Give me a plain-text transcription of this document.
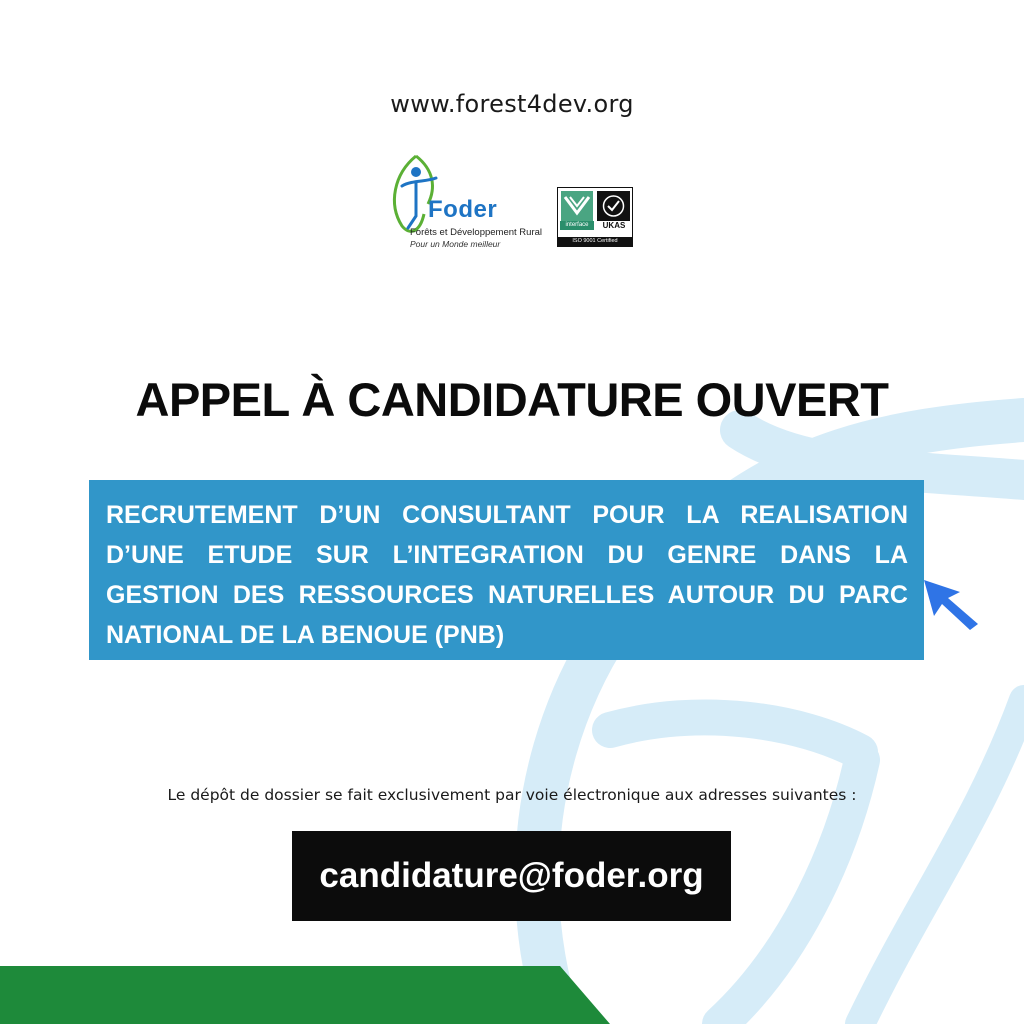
www.forest4dev.org
Foder
Forêts et Développement Rural
Pour un Monde meilleur
interface	UKAS
ISO 9001 Certified
APPEL À CANDIDATURE OUVERT

RECRUTEMENT D’UN CONSULTANT POUR LA REALISATION D’UNE ETUDE SUR L’INTEGRATION DU GENRE DANS LA GESTION DES RESSOURCES NATURELLES AUTOUR DU PARC NATIONAL DE LA BENOUE (PNB)

Le dépôt de dossier se fait exclusivement par voie électronique aux adresses suivantes :
candidature@foder.org
